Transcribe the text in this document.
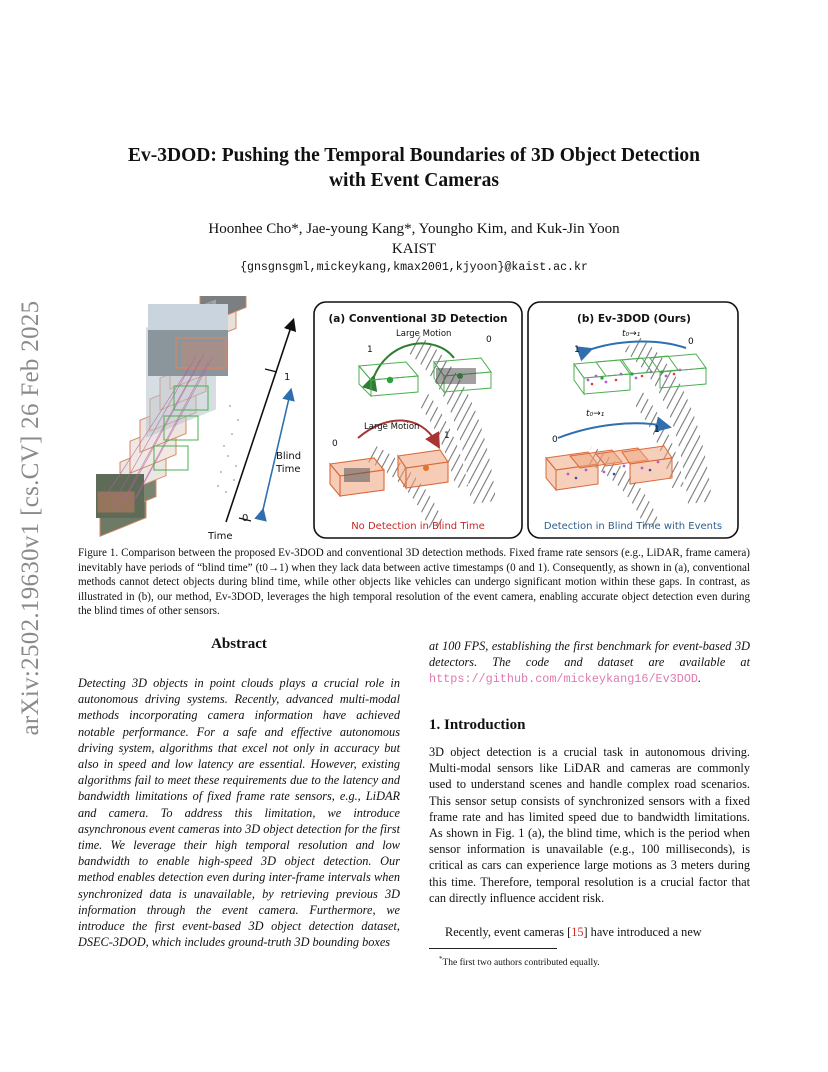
arXiv:2502.19630v1 [cs.CV] 26 Feb 2025
Ev-3DOD: Pushing the Temporal Boundaries of 3D Object Detection
with Event Cameras
Hoonhee Cho*, Jae-young Kang*, Youngho Kim, and Kuk-Jin Yoon
KAIST
{gnsgnsgml,mickeykang,kmax2001,kjyoon}@kaist.ac.kr
Time
0
1
Blind
Time
(a) Conventional 3D Detection
Large Motion
1
0
Large Motion
0
1
No Detection in Blind Time
(b) Ev-3DOD (Ours)
t₀→₁
1
0
t₀→₁
0
1
Detection in Blind Time with Events
Figure 1. Comparison between the proposed Ev-3DOD and conventional 3D detection methods. Fixed frame rate sensors (e.g., LiDAR, frame camera) inevitably have periods of “blind time” (t0→1) when they lack data between active timestamps (0 and 1). Consequently, as shown in (a), conventional methods cannot detect objects during blind time, while other objects like vehicles can undergo significant motion within these gaps. In contrast, as illustrated in (b), our method, Ev-3DOD, leverages the high temporal resolution of the event camera, enabling accurate object detection even during the blind times of other sensors.
Abstract
Detecting 3D objects in point clouds plays a crucial role in autonomous driving systems. Recently, advanced multi-modal methods incorporating camera information have achieved notable performance. For a safe and effective autonomous driving system, algorithms that excel not only in accuracy but also in speed and low latency are essential. However, existing algorithms fail to meet these requirements due to the latency and bandwidth limitations of fixed frame rate sensors, e.g., LiDAR and camera. To address this limitation, we introduce asynchronous event cameras into 3D object detection for the first time. We leverage their high temporal resolution and low bandwidth to enable high-speed 3D object detection. Our method enables detection even during inter-frame intervals when synchronized data is unavailable, by retrieving previous 3D information through the event camera. Furthermore, we introduce the first event-based 3D object detection dataset, DSEC-3DOD, which includes ground-truth 3D bounding boxes
at 100 FPS, establishing the first benchmark for event-based 3D detectors. The code and dataset are available at https://github.com/mickeykang16/Ev3DOD.
1. Introduction
3D object detection is a crucial task in autonomous driving. Multi-modal sensors like LiDAR and cameras are commonly used to understand scenes and handle complex road scenarios. This sensor setup consists of synchronized sensors with a fixed frame rate and has limited speed due to bandwidth limitations. As shown in Fig. 1 (a), the blind time, which is the period when sensor information is unavailable (e.g., 100 milliseconds), is critical as cars can experience large motions as 3 meters during this time. Therefore, temporal resolution is a crucial factor that can directly influence accident risk.
Recently, event cameras [15] have introduced a new
*The first two authors contributed equally.
